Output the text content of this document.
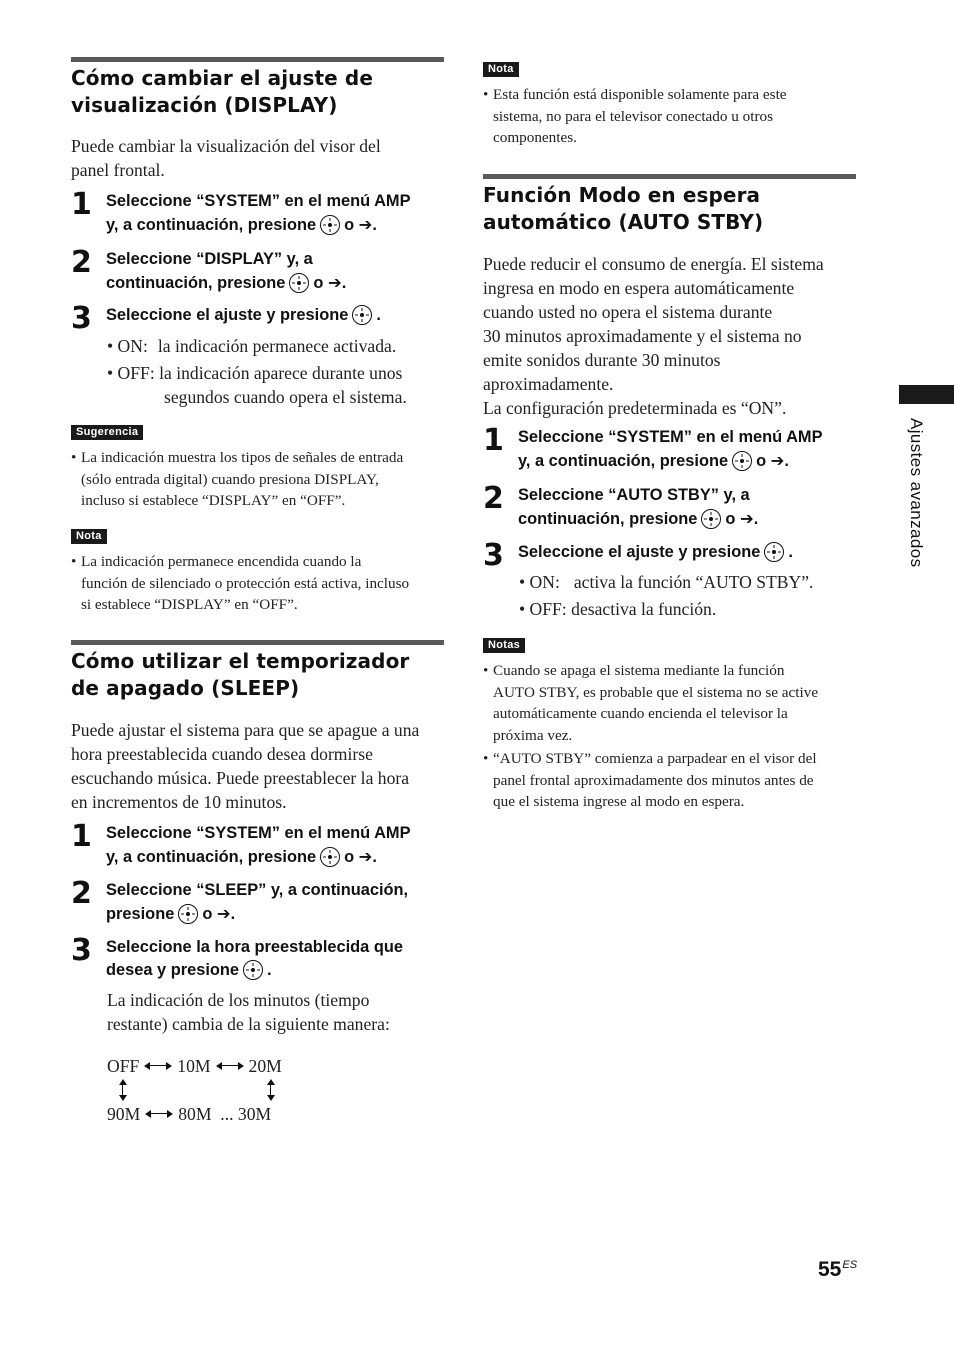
Cómo cambiar el ajuste de
visualización (DISPLAY)

Puede cambiar la visualización del visor del
panel frontal.

1 Seleccione “SYSTEM” en el menú AMP
y, a continuación, presione o ➔.
2 Seleccione “DISPLAY” y, a
continuación, presione o ➔.
3 Seleccione el ajuste y presione .
• ON: la indicación permanece activada.
• OFF: la indicación aparece durante unos
segundos cuando opera el sistema.
Sugerencia
• La indicación muestra los tipos de señales de entrada
(sólo entrada digital) cuando presiona DISPLAY,
incluso si establece “DISPLAY” en “OFF”.
Nota
• La indicación permanece encendida cuando la
función de silenciado o protección está activa, incluso
si establece “DISPLAY” en “OFF”.
Cómo utilizar el temporizador
de apagado (SLEEP)

Puede ajustar el sistema para que se apague a una
hora preestablecida cuando desea dormirse
escuchando música. Puede preestablecer la hora
en incrementos de 10 minutos.

1 Seleccione “SYSTEM” en el menú AMP
y, a continuación, presione o ➔.
2 Seleccione “SLEEP” y, a continuación,
presione o ➔.
3 Seleccione la hora preestablecida que
desea y presione .

La indicación de los minutos (tiempo
restante) cambia de la siguiente manera:

OFF 10M 20M
90M 80M ... 30M
Nota
• Esta función está disponible solamente para este
sistema, no para el televisor conectado u otros
componentes.
Función Modo en espera
automático (AUTO STBY)

Puede reducir el consumo de energía. El sistema
ingresa en modo en espera automáticamente
cuando usted no opera el sistema durante
30 minutos aproximadamente y el sistema no
emite sonidos durante 30 minutos
aproximadamente.
La configuración predeterminada es “ON”.

1 Seleccione “SYSTEM” en el menú AMP
y, a continuación, presione o ➔.
2 Seleccione “AUTO STBY” y, a
continuación, presione o ➔.
3 Seleccione el ajuste y presione .
• ON: activa la función “AUTO STBY”.
• OFF: desactiva la función.
Notas
• Cuando se apaga el sistema mediante la función
AUTO STBY, es probable que el sistema no se active
automáticamente cuando encienda el televisor la
próxima vez.
• “AUTO STBY” comienza a parpadear en el visor del
panel frontal aproximadamente dos minutos antes de
que el sistema ingrese al modo en espera.
Ajustes avanzados
$55^{ES}$
